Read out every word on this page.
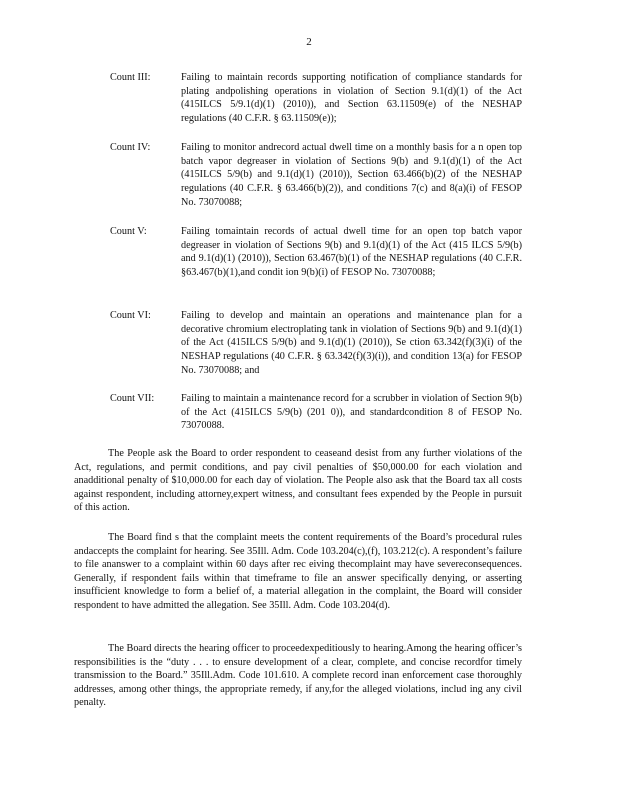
2
Count III:	Failing to maintain records supporting notification of compliance standards for plating andpolishing operations in violation of Section 9.1(d)(1) of the Act (415ILCS 5/9.1(d)(1) (2010)), and Section 63.11509(e) of the NESHAP regulations (40 C.F.R. § 63.11509(e));
Count IV:	Failing to monitor andrecord actual dwell time on a monthly basis for a n open top batch vapor degreaser in violation of Sections 9(b) and 9.1(d)(1) of the Act (415ILCS 5/9(b) and 9.1(d)(1) (2010)), Section 63.466(b)(2) of the NESHAP regulations (40 C.F.R. § 63.466(b)(2)), and conditions 7(c) and 8(a)(i) of FESOP No. 73070088;
Count V:	Failing tomaintain records of actual dwell time for an open top batch vapor degreaser in violation of Sections 9(b) and 9.1(d)(1) of the Act (415 ILCS 5/9(b) and 9.1(d)(1) (2010)), Section 63.467(b)(1) of the NESHAP regulations (40 C.F.R. §63.467(b)(1),and condit ion 9(b)(i) of FESOP No. 73070088;
Count VI:	Failing to develop and maintain an operations and maintenance plan for a decorative chromium electroplating tank in violation of Sections 9(b) and 9.1(d)(1) of the Act (415ILCS 5/9(b) and 9.1(d)(1) (2010)), Se ction 63.342(f)(3)(i) of the NESHAP regulations (40 C.F.R. § 63.342(f)(3)(i)), and condition 13(a) for FESOP No. 73070088; and
Count VII:	Failing to maintain a maintenance record for a scrubber in violation of Section 9(b) of the Act (415ILCS 5/9(b) (201 0)), and standardcondition 8 of FESOP No. 73070088.
The People ask the Board to order respondent to ceaseand desist from any further violations of the Act, regulations, and permit conditions, and pay civil penalties of $50,000.00 for each violation and anadditional penalty of $10,000.00 for each day of violation. The People also ask that the Board tax all costs against respondent, including attorney,expert witness, and consultant fees expended by the People in pursuit of this action.
The Board find s that the complaint meets the content requirements of the Board’s procedural rules andaccepts the complaint for hearing. See 35Ill. Adm. Code 103.204(c),(f), 103.212(c). A respondent’s failure to file ananswer to a complaint within 60 days after rec eiving thecomplaint may have severeconsequences. Generally, if respondent fails within that timeframe to file an answer specifically denying, or asserting insufficient knowledge to form a belief of, a material allegation in the complaint, the Board will consider respondent to have admitted the allegation. See 35Ill. Adm. Code 103.204(d).
The Board directs the hearing officer to proceedexpeditiously to hearing.Among the hearing officer’s responsibilities is the “duty . . . to ensure development of a clear, complete, and concise recordfor timely transmission to the Board.” 35Ill.Adm. Code 101.610. A complete record inan enforcement case thoroughly addresses, among other things, the appropriate remedy, if any,for the alleged violations, includ ing any civil penalty.
